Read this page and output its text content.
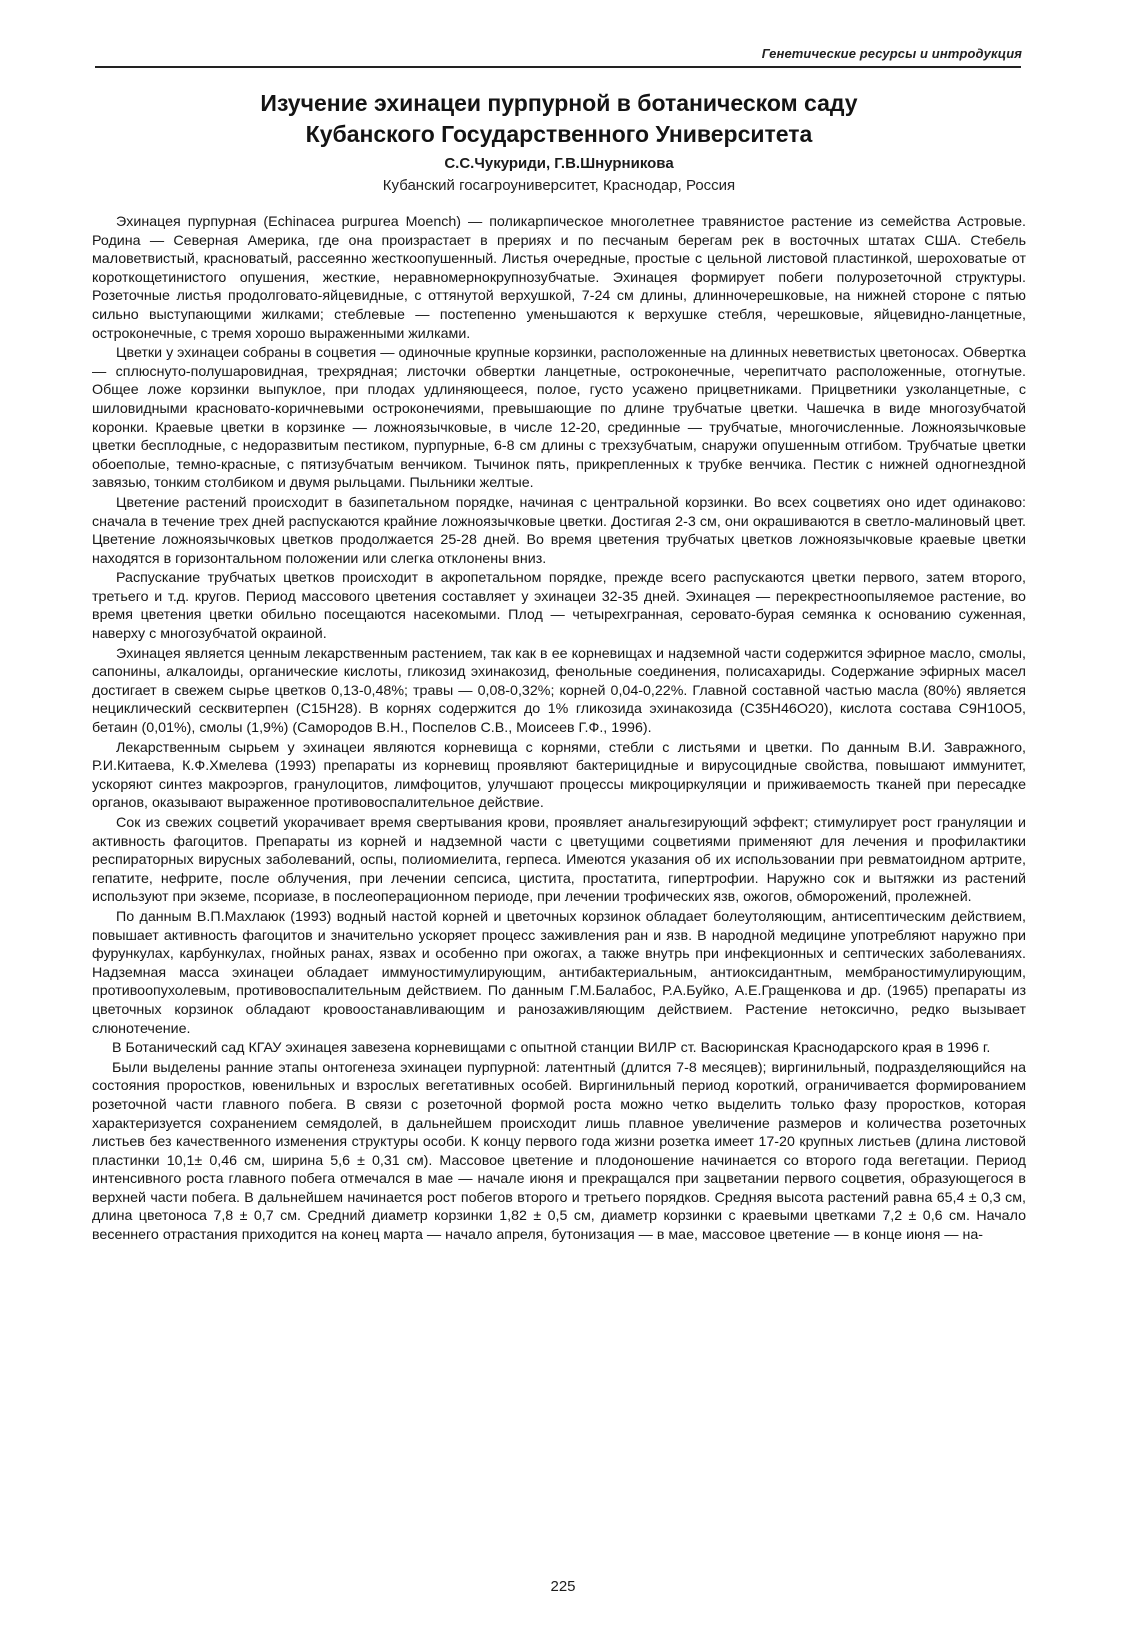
Генетические ресурсы и интродукция
Изучение эхинацеи пурпурной в ботаническом саду
Кубанского Государственного Университета
С.С.Чукуриди, Г.В.Шнурникова
Кубанский госагроуниверситет, Краснодар, Россия

Эхинацея пурпурная (Echinacea purpurea Moench) — поликарпическое многолетнее травянистое растение из семейства Астровые. Родина — Северная Америка, где она произрастает в прериях и по песчаным берегам рек в восточных штатах США. Стебель маловетвистый, красноватый, рассеянно жесткоопушенный. Листья очередные, простые с цельной листовой пластинкой, шероховатые от короткощетинистого опушения, жесткие, неравномернокрупнозубчатые. Эхинацея формирует побеги полурозеточной структуры. Розеточные листья продолговато-яйцевидные, с оттянутой верхушкой, 7-24 см длины, длинночерешковые, на нижней стороне с пятью сильно выступающими жилками; стеблевые — постепенно уменьшаются к верхушке стебля, черешковые, яйцевидно-ланцетные, остроконечные, с тремя хорошо выраженными жилками.

Цветки у эхинацеи собраны в соцветия — одиночные крупные корзинки, расположенные на длинных неветвистых цветоносах. Обвертка — сплюснуто-полушаровидная, трехрядная; листочки обвертки ланцетные, остроконечные, черепитчато расположенные, отогнутые. Общее ложе корзинки выпуклое, при плодах удлиняющееся, полое, густо усажено прицветниками. Прицветники узколанцетные, с шиловидными красновато-коричневыми остроконечиями, превышающие по длине трубчатые цветки. Чашечка в виде многозубчатой коронки. Краевые цветки в корзинке — ложноязычковые, в числе 12-20, срединные — трубчатые, многочисленные. Ложноязычковые цветки бесплодные, с недоразвитым пестиком, пурпурные, 6-8 см длины с трехзубчатым, снаружи опушенным отгибом. Трубчатые цветки обоеполые, темно-красные, с пятизубчатым венчиком. Тычинок пять, прикрепленных к трубке венчика. Пестик с нижней одногнездной завязью, тонким столбиком и двумя рыльцами. Пыльники желтые.

Цветение растений происходит в базипетальном порядке, начиная с центральной корзинки. Во всех соцветиях оно идет одинаково: сначала в течение трех дней распускаются крайние ложноязычковые цветки. Достигая 2-3 см, они окрашиваются в светло-малиновый цвет. Цветение ложноязычковых цветков продолжается 25-28 дней. Во время цветения трубчатых цветков ложноязычковые краевые цветки находятся в горизонтальном положении или слегка отклонены вниз.

Распускание трубчатых цветков происходит в акропетальном порядке, прежде всего распускаются цветки первого, затем второго, третьего и т.д. кругов. Период массового цветения составляет у эхинацеи 32-35 дней. Эхинацея — перекрестноопыляемое растение, во время цветения цветки обильно посещаются насекомыми. Плод — четырехгранная, серовато-бурая семянка к основанию суженная, наверху с многозубчатой окраиной.

Эхинацея является ценным лекарственным растением, так как в ее корневищах и надземной части содержится эфирное масло, смолы, сапонины, алкалоиды, органические кислоты, гликозид эхинакозид, фенольные соединения, полисахариды. Содержание эфирных масел достигает в свежем сырье цветков 0,13-0,48%; травы — 0,08-0,32%; корней 0,04-0,22%. Главной составной частью масла (80%) является нециклический сесквитерпен (С15Н28). В корнях содержится до 1% гликозида эхинакозида (С35Н46О20), кислота состава С9Н10О5, бетаин (0,01%), смолы (1,9%) (Самородов В.Н., Поспелов С.В., Моисеев Г.Ф., 1996).

Лекарственным сырьем у эхинацеи являются корневища с корнями, стебли с листьями и цветки. По данным В.И. Завражного, Р.И.Китаева, К.Ф.Хмелева (1993) препараты из корневищ проявляют бактерицидные и вирусоцидные свойства, повышают иммунитет, ускоряют синтез макроэргов, гранулоцитов, лимфоцитов, улучшают процессы микроциркуляции и приживаемость тканей при пересадке органов, оказывают выраженное противовоспалительное действие.

Сок из свежих соцветий укорачивает время свертывания крови, проявляет анальгезирующий эффект; стимулирует рост грануляции и активность фагоцитов. Препараты из корней и надземной части с цветущими соцветиями применяют для лечения и профилактики респираторных вирусных заболеваний, оспы, полиомиелита, герпеса. Имеются указания об их использовании при ревматоидном артрите, гепатите, нефрите, после облучения, при лечении сепсиса, цистита, простатита, гипертрофии. Наружно сок и вытяжки из растений используют при экземе, псориазе, в послеоперационном периоде, при лечении трофических язв, ожогов, обморожений, пролежней.

По данным В.П.Махлаюк (1993) водный настой корней и цветочных корзинок обладает болеутоляющим, антисептическим действием, повышает активность фагоцитов и значительно ускоряет процесс заживления ран и язв. В народной медицине употребляют наружно при фурункулах, карбункулах, гнойных ранах, язвах и особенно при ожогах, а также внутрь при инфекционных и септических заболеваниях. Надземная масса эхинацеи обладает иммуностимулирующим, антибактериальным, антиоксидантным, мембраностимулирующим, противоопухолевым, противовоспалительным действием. По данным Г.М.Балабос, Р.А.Буйко, А.Е.Гращенкова и др. (1965) препараты из цветочных корзинок обладают кровоостанавливающим и ранозаживляющим действием. Растение нетоксично, редко вызывает слюнотечение.

В Ботанический сад КГАУ эхинацея завезена корневищами с опытной станции ВИЛР ст. Васюринская Краснодарского края в 1996 г.

Были выделены ранние этапы онтогенеза эхинацеи пурпурной: латентный (длится 7-8 месяцев); виргинильный, подразделяющийся на состояния проростков, ювенильных и взрослых вегетативных особей. Виргинильный период короткий, ограничивается формированием розеточной части главного побега. В связи с розеточной формой роста можно четко выделить только фазу проростков, которая характеризуется сохранением семядолей, в дальнейшем происходит лишь плавное увеличение размеров и количества розеточных листьев без качественного изменения структуры особи. К концу первого года жизни розетка имеет 17-20 крупных листьев (длина листовой пластинки 10,1± 0,46 см, ширина 5,6 ± 0,31 см). Массовое цветение и плодоношение начинается со второго года вегетации. Период интенсивного роста главного побега отмечался в мае — начале июня и прекращался при зацветании первого соцветия, образующегося в верхней части побега. В дальнейшем начинается рост побегов второго и третьего порядков. Средняя высота растений равна 65,4 ± 0,3 см, длина цветоноса 7,8 ± 0,7 см. Средний диаметр корзинки 1,82 ± 0,5 см, диаметр корзинки с краевыми цветками 7,2 ± 0,6 см. Начало весеннего отрастания приходится на конец марта — начало апреля, бутонизация — в мае, массовое цветение — в конце июня — на-

225
